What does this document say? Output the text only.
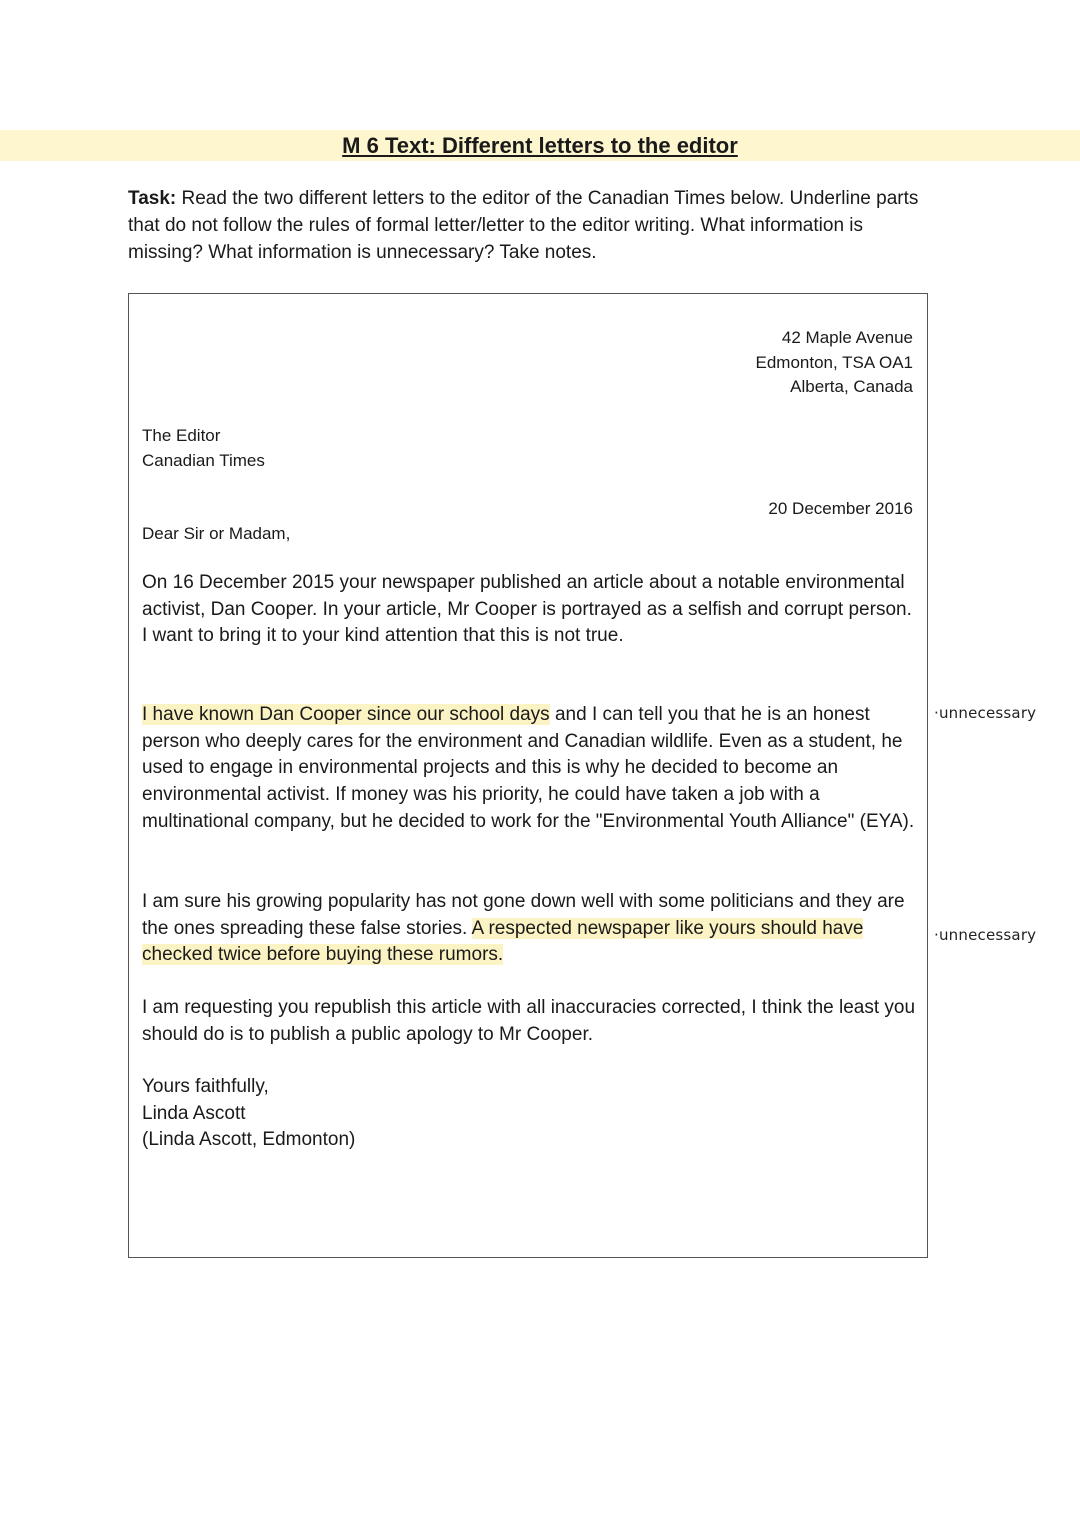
M 6 Text: Different letters to the editor
Task: Read the two different letters to the editor of the Canadian Times below. Underline parts that do not follow the rules of formal letter/letter to the editor writing. What information is missing? What information is unnecessary? Take notes.
42 Maple Avenue
Edmonton, TSA OA1
Alberta, Canada
The Editor
Canadian Times
20 December 2016
Dear Sir or Madam,
On 16 December 2015 your newspaper published an article about a notable environmental activist, Dan Cooper. In your article, Mr Cooper is portrayed as a selfish and corrupt person. I want to bring it to your kind attention that this is not true.
I have known Dan Cooper since our school days and I can tell you that he is an honest person who deeply cares for the environment and Canadian wildlife. Even as a student, he used to engage in environmental projects and this is why he decided to become an environmental activist. If money was his priority, he could have taken a job with a multinational company, but he decided to work for the "Environmental Youth Alliance" (EYA).
I am sure his growing popularity has not gone down well with some politicians and they are the ones spreading these false stories. A respected newspaper like yours should have checked twice before buying these rumors.
I am requesting you republish this article with all inaccuracies corrected, I think the least you should do is to publish a public apology to Mr Cooper.
Yours faithfully,
Linda Ascott
(Linda Ascott, Edmonton)
·unnecessary
·unnecessary
